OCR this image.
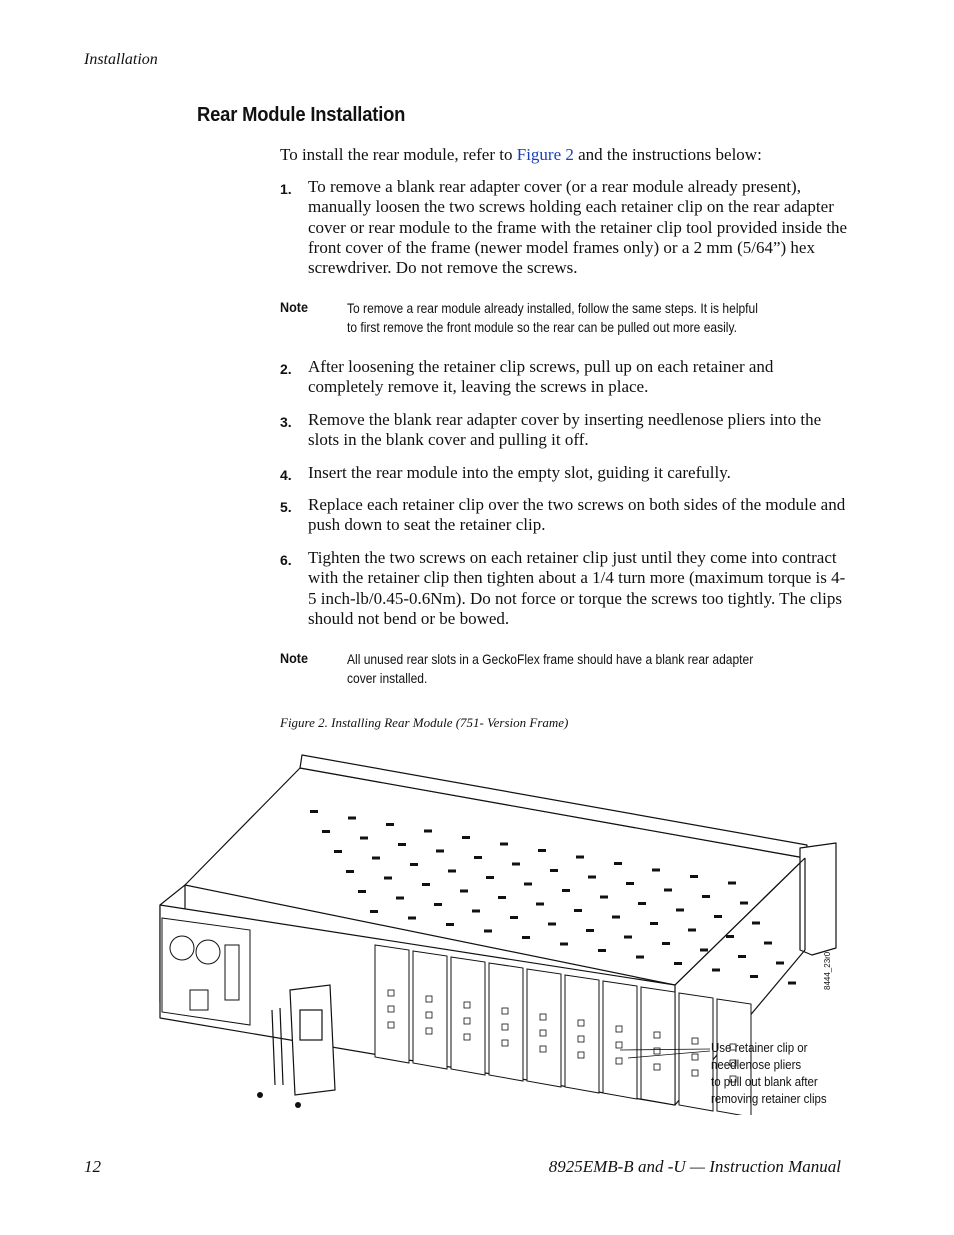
Installation
Rear Module Installation
To install the rear module, refer to Figure 2 and the instructions below:
1. To remove a blank rear adapter cover (or a rear module already present), manually loosen the two screws holding each retainer clip on the rear adapter cover or rear module to the frame with the retainer clip tool provided inside the front cover of the frame (newer model frames only) or a 2 mm (5/64”) hex screwdriver. Do not remove the screws.
Note	To remove a rear module already installed, follow the same steps. It is helpful to first remove the front module so the rear can be pulled out more easily.
2. After loosening the retainer clip screws, pull up on each retainer and completely remove it, leaving the screws in place.
3. Remove the blank rear adapter cover by inserting needlenose pliers into the slots in the blank cover and pulling it off.
4. Insert the rear module into the empty slot, guiding it carefully.
5. Replace each retainer clip over the two screws on both sides of the module and push down to seat the retainer clip.
6. Tighten the two screws on each retainer clip just until they come into contract with the retainer clip then tighten about a 1/4 turn more (maximum torque is 4-5 inch-lb/0.45-0.6Nm). Do not force or torque the screws too tightly. The clips should not bend or be bowed.
Note	All unused rear slots in a GeckoFlex frame should have a blank rear adapter cover installed.
Figure 2. Installing Rear Module (751- Version Frame)
Use retainer clip or
needlenose pliers
to pull out blank after
removing retainer clips
8444_23r0
12	8925EMB-B and -U — Instruction Manual
